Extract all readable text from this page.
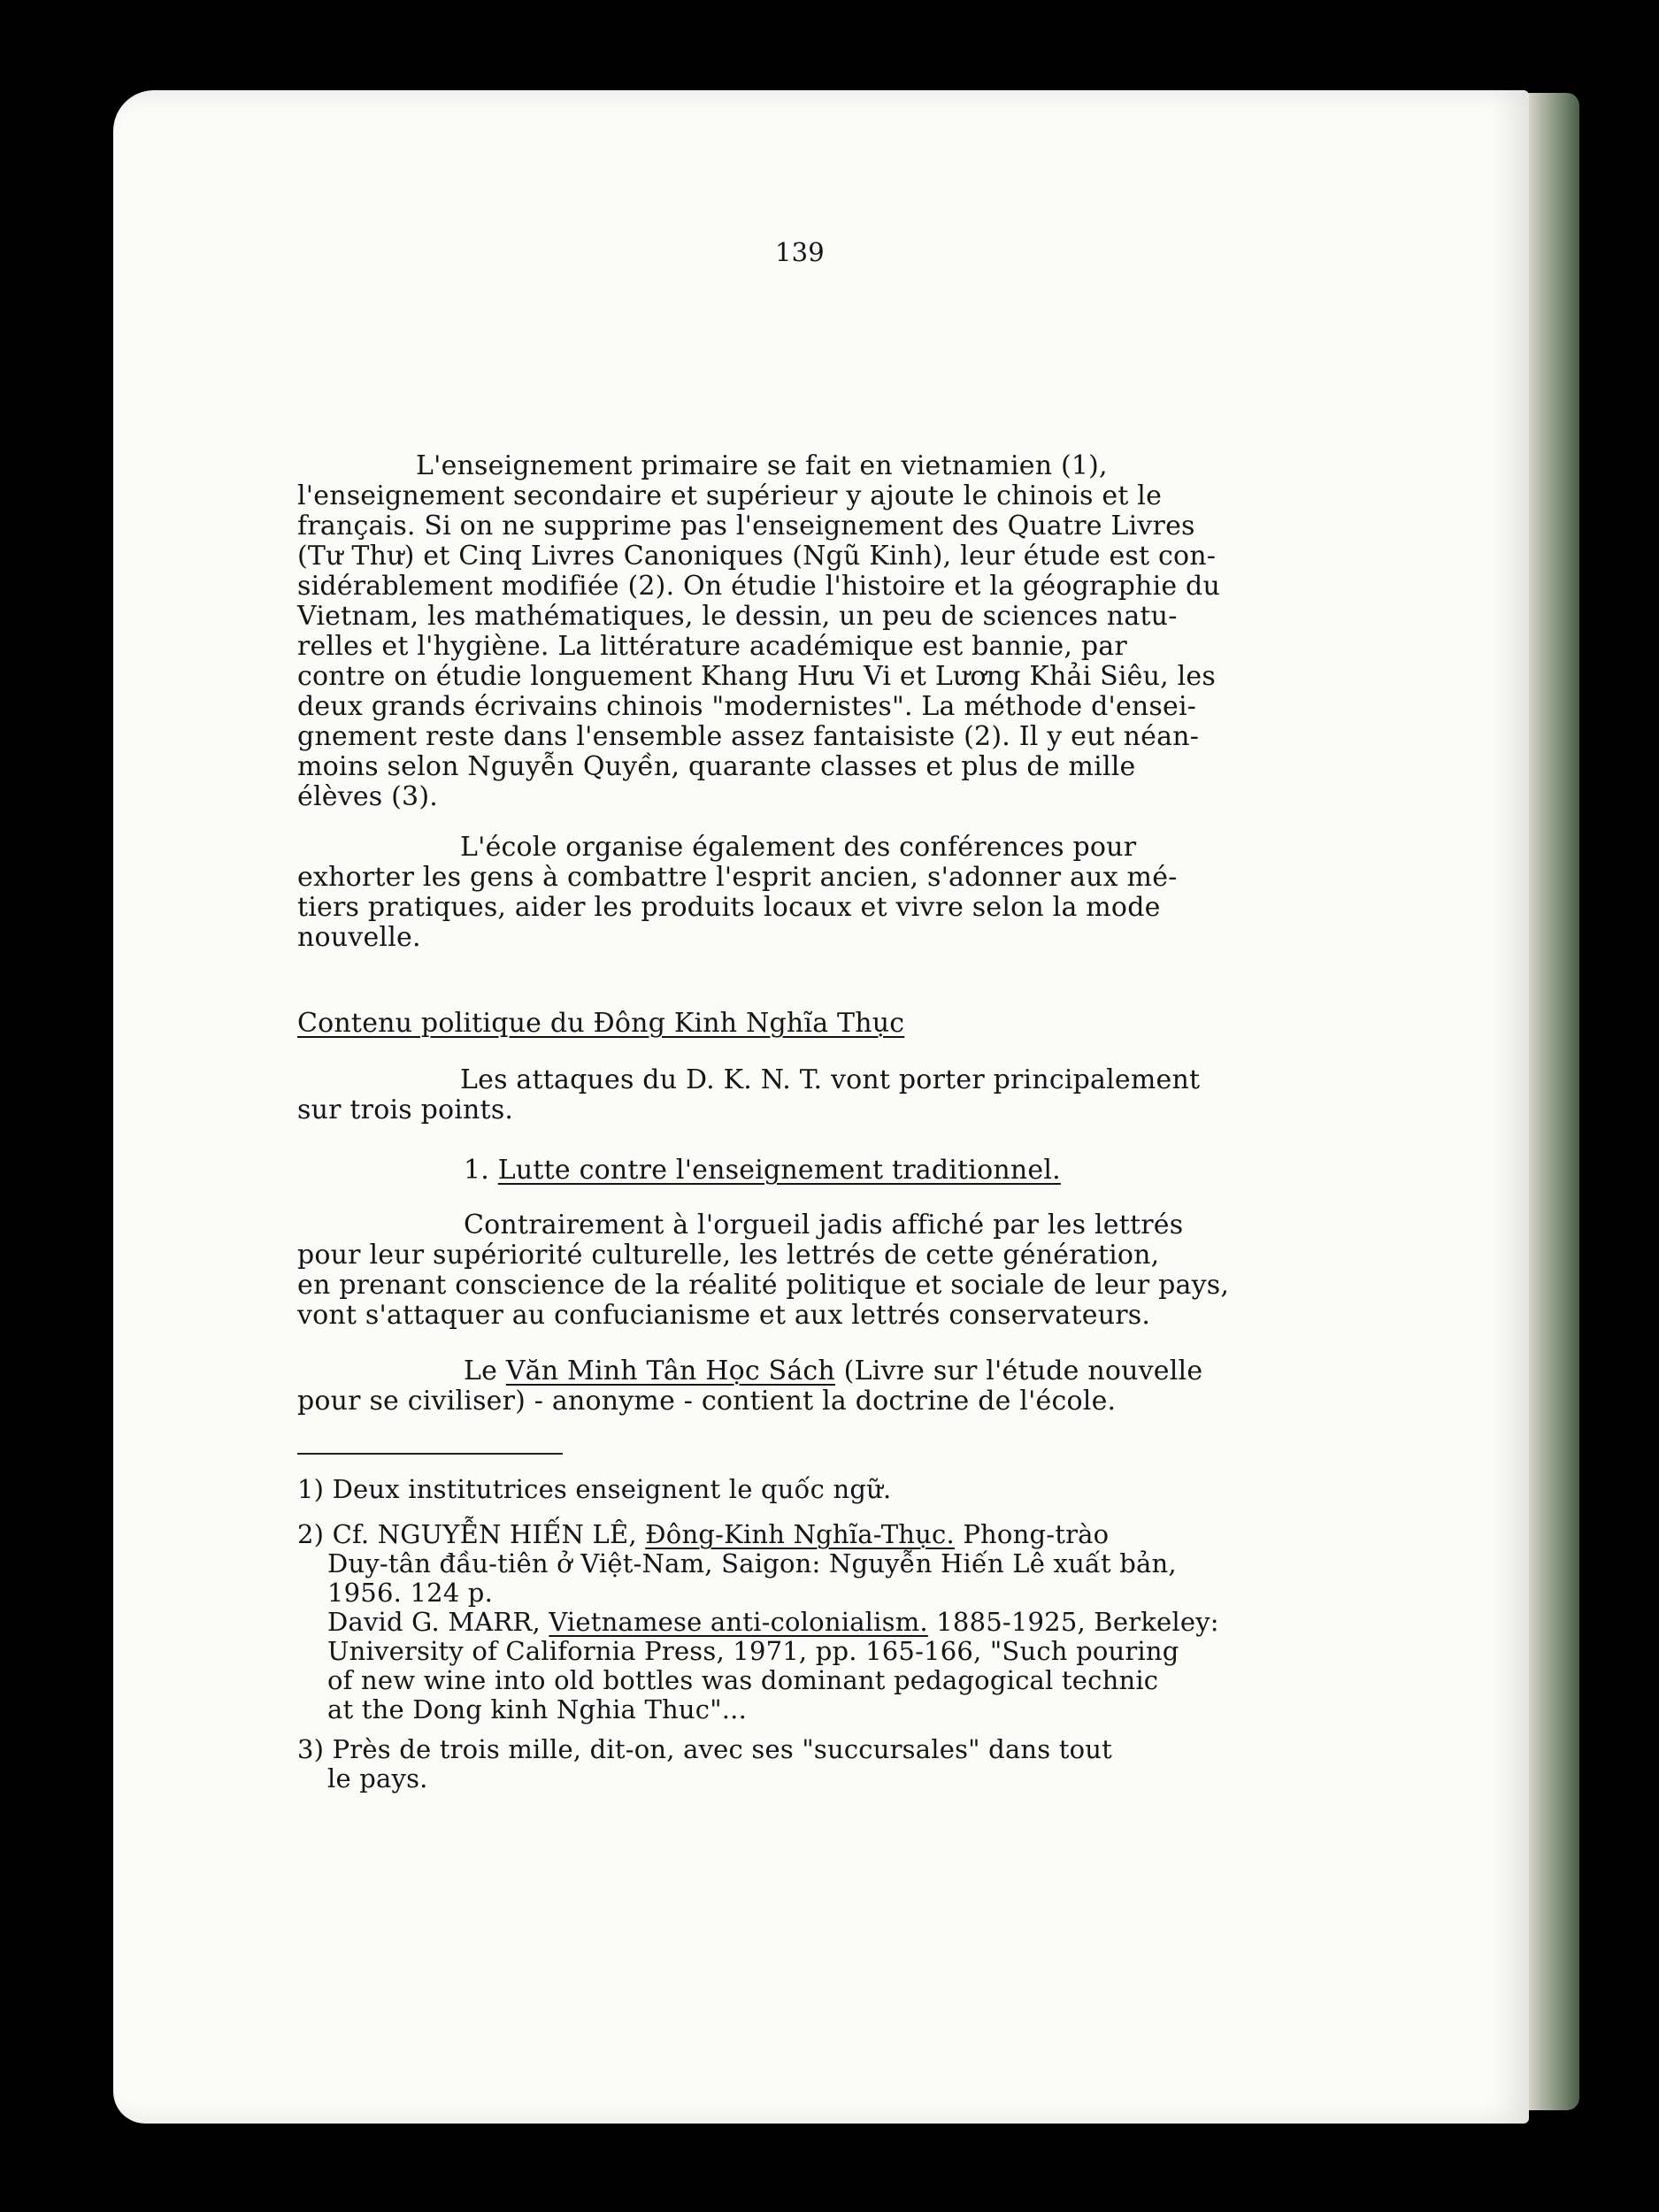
139
L'enseignement primaire se fait en vietnamien (1),
l'enseignement secondaire et supérieur y ajoute le chinois et le
français. Si on ne supprime pas l'enseignement des Quatre Livres
(Tư Thư) et Cinq Livres Canoniques (Ngũ Kinh), leur étude est con-
sidérablement modifiée (2). On étudie l'histoire et la géographie du
Vietnam, les mathématiques, le dessin, un peu de sciences natu-
relles et l'hygiène. La littérature académique est bannie, par
contre on étudie longuement Khang Hưu Vi et Lương Khải Siêu, les
deux grands écrivains chinois "modernistes". La méthode d'ensei-
gnement reste dans l'ensemble assez fantaisiste (2). Il y eut néan-
moins selon Nguyễn Quyền, quarante classes et plus de mille
élèves (3).
L'école organise également des conférences pour
exhorter les gens à combattre l'esprit ancien, s'adonner aux mé-
tiers pratiques, aider les produits locaux et vivre selon la mode
nouvelle.
Contenu politique du Đông Kinh Nghĩa Thục
Les attaques du D. K. N. T. vont porter principalement
sur trois points.
1. Lutte contre l'enseignement traditionnel.
Contrairement à l'orgueil jadis affiché par les lettrés
pour leur supériorité culturelle, les lettrés de cette génération,
en prenant conscience de la réalité politique et sociale de leur pays,
vont s'attaquer au confucianisme et aux lettrés conservateurs.
Le Văn Minh Tân Học Sách (Livre sur l'étude nouvelle
pour se civiliser) - anonyme - contient la doctrine de l'école.
1) Deux institutrices enseignent le quốc ngữ.
2) Cf. NGUYỄN HIẾN LÊ, Đông-Kinh Nghĩa-Thục. Phong-trào
Duy-tân đầu-tiên ở Việt-Nam, Saigon: Nguyễn Hiến Lê xuất bản,
1956. 124 p.
David G. MARR, Vietnamese anti-colonialism. 1885-1925, Berkeley:
University of California Press, 1971, pp. 165-166, "Such pouring
of new wine into old bottles was dominant pedagogical technic
at the Dong kinh Nghia Thuc"...
3) Près de trois mille, dit-on, avec ses "succursales" dans tout
le pays.
